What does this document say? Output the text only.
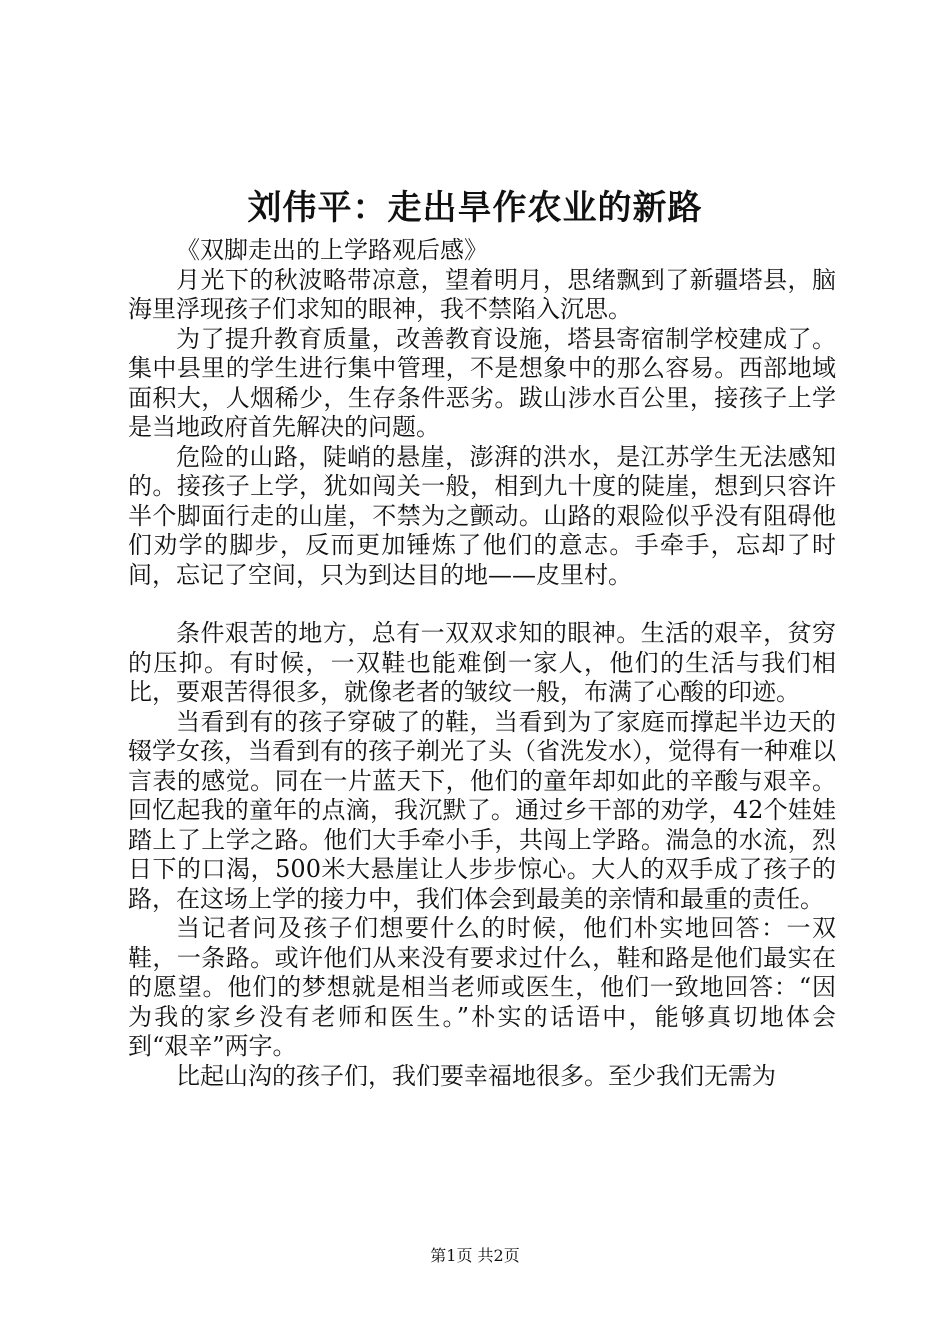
刘伟平：走出旱作农业的新路

《双脚走出的上学路观后感》

月光下的秋波略带凉意，望着明月，思绪飘到了新疆塔县，脑海里浮现孩子们求知的眼神，我不禁陷入沉思。

为了提升教育质量，改善教育设施，塔县寄宿制学校建成了。集中县里的学生进行集中管理，不是想象中的那么容易。西部地域面积大，人烟稀少，生存条件恶劣。跋山涉水百公里，接孩子上学是当地政府首先解决的问题。

危险的山路，陡峭的悬崖，澎湃的洪水，是江苏学生无法感知的。接孩子上学，犹如闯关一般，相到九十度的陡崖，想到只容许半个脚面行走的山崖，不禁为之颤动。山路的艰险似乎没有阻碍他们劝学的脚步，反而更加锤炼了他们的意志。手牵手，忘却了时间，忘记了空间，只为到达目的地——皮里村。

条件艰苦的地方，总有一双双求知的眼神。生活的艰辛，贫穷的压抑。有时候，一双鞋也能难倒一家人，他们的生活与我们相比，要艰苦得很多，就像老者的皱纹一般，布满了心酸的印迹。

当看到有的孩子穿破了的鞋，当看到为了家庭而撑起半边天的辍学女孩，当看到有的孩子剃光了头（省洗发水），觉得有一种难以言表的感觉。同在一片蓝天下，他们的童年却如此的辛酸与艰辛。回忆起我的童年的点滴，我沉默了。通过乡干部的劝学，42个娃娃踏上了上学之路。他们大手牵小手，共闯上学路。湍急的水流，烈日下的口渴，500米大悬崖让人步步惊心。大人的双手成了孩子的路，在这场上学的接力中，我们体会到最美的亲情和最重的责任。

当记者问及孩子们想要什么的时候，他们朴实地回答：一双鞋，一条路。或许他们从来没有要求过什么，鞋和路是他们最实在的愿望。他们的梦想就是相当老师或医生，他们一致地回答：“因为我的家乡没有老师和医生。”朴实的话语中，能够真切地体会到“艰辛”两字。

比起山沟的孩子们，我们要幸福地很多。至少我们无需为

第1页 共2页
